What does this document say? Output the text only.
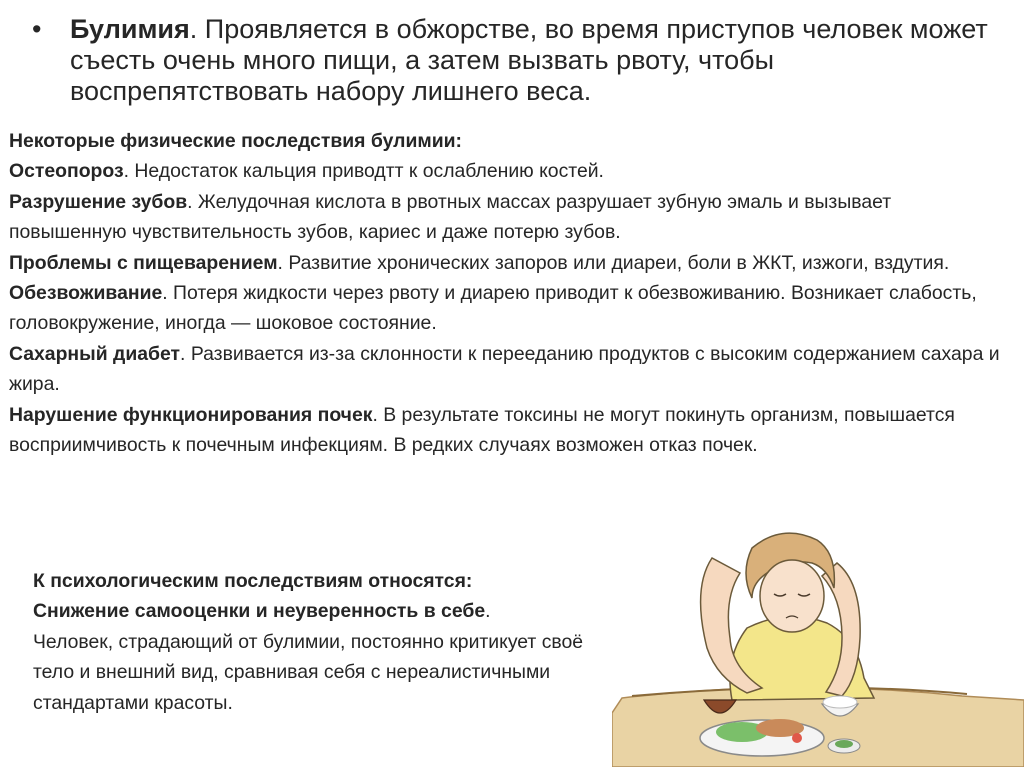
• Булимия. Проявляется в обжорстве, во время приступов человек может съесть очень много пищи, а затем вызвать рвоту, чтобы воспрепятствовать набору лишнего веса.

Некоторые физические последствия булимии:

Остеопороз. Недостаток кальция приводтт к ослаблению костей.

Разрушение зубов. Желудочная кислота в рвотных массах разрушает зубную эмаль и вызывает повышенную чувствительность зубов, кариес и даже потерю зубов.

Проблемы с пищеварением. Развитие хронических запоров или диареи, боли в ЖКТ, изжоги, вздутия.

Обезвоживание. Потеря жидкости через рвоту и диарею приводит к обезвоживанию. Возникает слабость, головокружение, иногда — шоковое состояние.

Сахарный диабет. Развивается из-за склонности к перееданию продуктов с высоким содержанием сахара и жира.

Нарушение функционирования почек. В результате токсины не могут покинуть организм, повышается восприимчивость к почечным инфекциям. В редких случаях возможен отказ почек.

К психологическим последствиям относятся:

Снижение самооценки и неуверенность в себе.

Человек, страдающий от булимии, постоянно критикует своё тело и внешний вид, сравнивая себя с нереалистичными стандартами красоты.
